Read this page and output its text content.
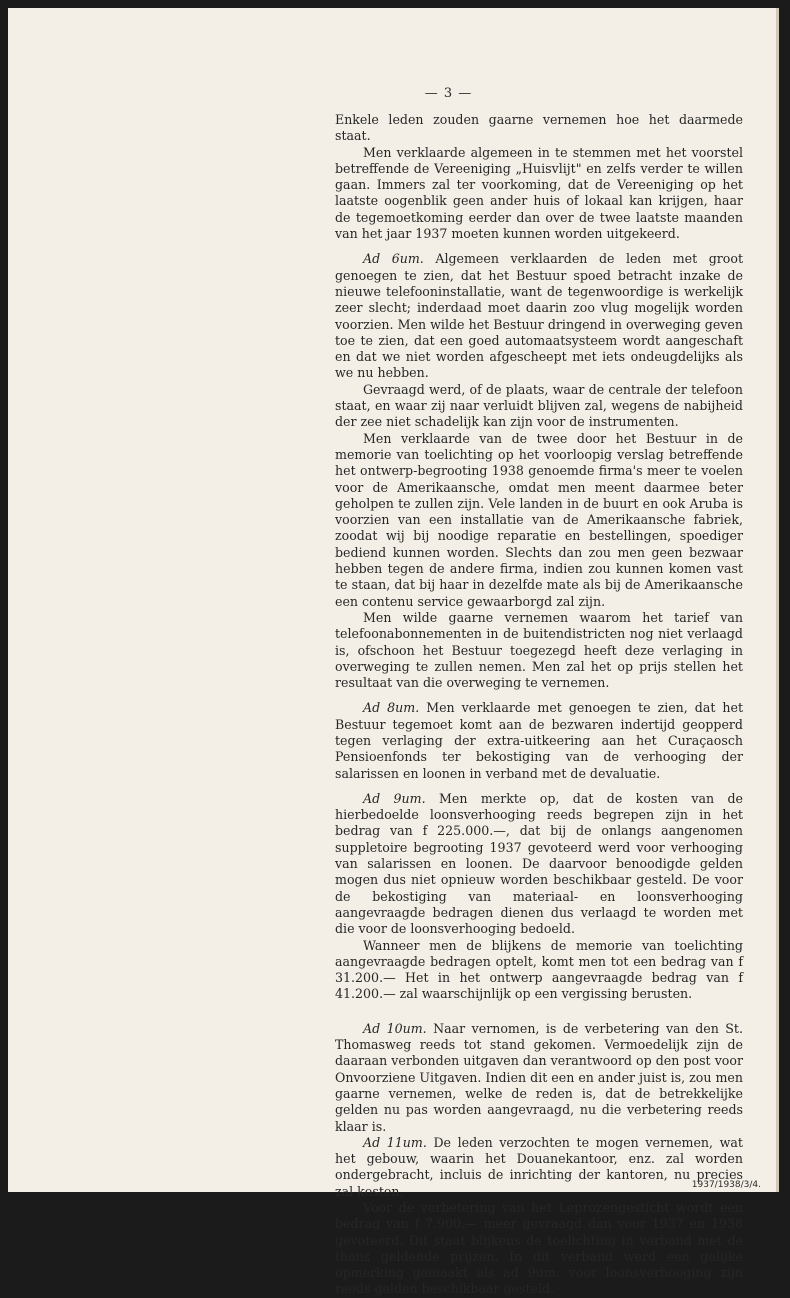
— 3 —

Enkele leden zouden gaarne vernemen hoe het daarmede staat.

Men verklaarde algemeen in te stemmen met het voorstel betreffende de Vereeniging „Huisvlijt" en zelfs verder te willen gaan. Immers zal ter voorkoming, dat de Vereeniging op het laatste oogenblik geen ander huis of lokaal kan krijgen, haar de tegemoetkoming eerder dan over de twee laatste maanden van het jaar 1937 moeten kunnen worden uitgekeerd.

Ad 6um. Algemeen verklaarden de leden met groot genoegen te zien, dat het Bestuur spoed betracht inzake de nieuwe telefooninstallatie, want de tegenwoordige is werkelijk zeer slecht; inderdaad moet daarin zoo vlug mogelijk worden voorzien. Men wilde het Bestuur dringend in overweging geven toe te zien, dat een goed automaatsysteem wordt aangeschaft en dat we niet worden afgescheept met iets ondeugdelijks als we nu hebben.

Gevraagd werd, of de plaats, waar de centrale der telefoon staat, en waar zij naar verluidt blijven zal, wegens de nabijheid der zee niet schadelijk kan zijn voor de instrumenten.

Men verklaarde van de twee door het Bestuur in de memorie van toelichting op het voorloopig verslag betreffende het ontwerp-begrooting 1938 genoemde firma's meer te voelen voor de Amerikaansche, omdat men meent daarmee beter geholpen te zullen zijn. Vele landen in de buurt en ook Aruba is voorzien van een installatie van de Amerikaansche fabriek, zoodat wij bij noodige reparatie en bestellingen, spoediger bediend kunnen worden. Slechts dan zou men geen bezwaar hebben tegen de andere firma, indien zou kunnen komen vast te staan, dat bij haar in dezelfde mate als bij de Amerikaansche een contenu service gewaarborgd zal zijn.

Men wilde gaarne vernemen waarom het tarief van telefoonabonnementen in de buitendistricten nog niet verlaagd is, ofschoon het Bestuur toegezegd heeft deze verlaging in overweging te zullen nemen. Men zal het op prijs stellen het resultaat van die overweging te vernemen.

Ad 8um. Men verklaarde met genoegen te zien, dat het Bestuur tegemoet komt aan de bezwaren indertijd geopperd tegen verlaging der extra-uitkeering aan het Curaçaosch Pensioenfonds ter bekostiging van de verhooging der salarissen en loonen in verband met de devaluatie.

Ad 9um. Men merkte op, dat de kosten van de hierbedoelde loonsverhooging reeds begrepen zijn in het bedrag van f 225.000.—, dat bij de onlangs aangenomen suppletoire begrooting 1937 gevoteerd werd voor verhooging van salarissen en loonen. De daarvoor benoodigde gelden mogen dus niet opnieuw worden beschikbaar gesteld. De voor de bekostiging van materiaal- en loonsverhooging aangevraagde bedragen dienen dus verlaagd te worden met die voor de loonsverhooging bedoeld.

Wanneer men de blijkens de memorie van toelichting aangevraagde bedragen optelt, komt men tot een bedrag van f 31.200.— Het in het ontwerp aangevraagde bedrag van f 41.200.— zal waarschijnlijk op een vergissing berusten.

Ad 10um. Naar vernomen, is de verbetering van den St. Thomasweg reeds tot stand gekomen. Vermoedelijk zijn de daaraan verbonden uitgaven dan verantwoord op den post voor Onvoorziene Uitgaven. Indien dit een en ander juist is, zou men gaarne vernemen, welke de reden is, dat de betrekkelijke gelden nu pas worden aangevraagd, nu die verbetering reeds klaar is.

Ad 11um. De leden verzochten te mogen vernemen, wat het gebouw, waarin het Douanekantoor, enz. zal worden ondergebracht, incluis de inrichting der kantoren, nu precies zal kosten.

Voor de verbetering van het Leprozengesticht wordt een bedrag van f 7.900.— meer gevraagd dan voor 1937 en 1938 gevoteerd. Dit staat blijkens de toelichting in verband met de thans geldende prijzen. In dit verband werd een gelijke opmerking gemaakt als ad 9um: voor loonsverhooging zijn reeds gelden beschikbaar gesteld.

1937/1938/3/4.
